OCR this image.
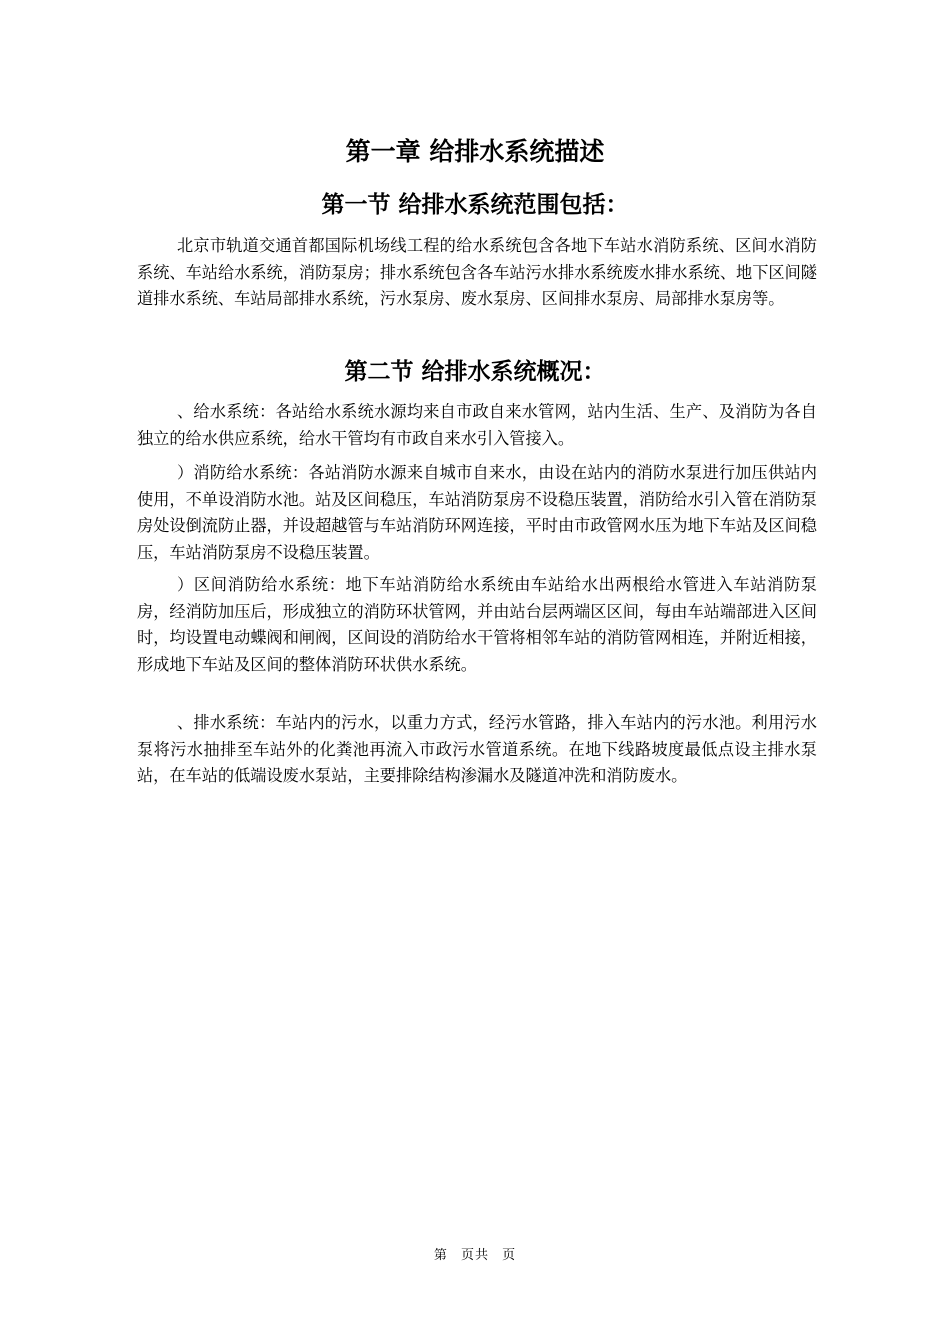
第一章 给排水系统描述
第一节 给排水系统范围包括：

北京市轨道交通首都国际机场线工程的给水系统包含各地下车站水消防系统、区间水消防系统、车站给水系统，消防泵房；排水系统包含各车站污水排水系统废水排水系统、地下区间隧道排水系统、车站局部排水系统，污水泵房、废水泵房、区间排水泵房、局部排水泵房等。

第二节 给排水系统概况：

、给水系统：各站给水系统水源均来自市政自来水管网，站内生活、生产、及消防为各自独立的给水供应系统，给水干管均有市政自来水引入管接入。

）消防给水系统：各站消防水源来自城市自来水，由设在站内的消防水泵进行加压供站内使用，不单设消防水池。站及区间稳压，车站消防泵房不设稳压装置，消防给水引入管在消防泵房处设倒流防止器，并设超越管与车站消防环网连接，平时由市政管网水压为地下车站及区间稳压，车站消防泵房不设稳压装置。

）区间消防给水系统：地下车站消防给水系统由车站给水出两根给水管进入车站消防泵房，经消防加压后，形成独立的消防环状管网，并由站台层两端区区间，每由车站端部进入区间时，均设置电动蝶阀和闸阀，区间设的消防给水干管将相邻车站的消防管网相连，并附近相接，形成地下车站及区间的整体消防环状供水系统。

、排水系统：车站内的污水，以重力方式，经污水管路，排入车站内的污水池。利用污水泵将污水抽排至车站外的化粪池再流入市政污水管道系统。在地下线路坡度最低点设主排水泵站，在车站的低端设废水泵站，主要排除结构渗漏水及隧道冲洗和消防废水。

第 页共 页
